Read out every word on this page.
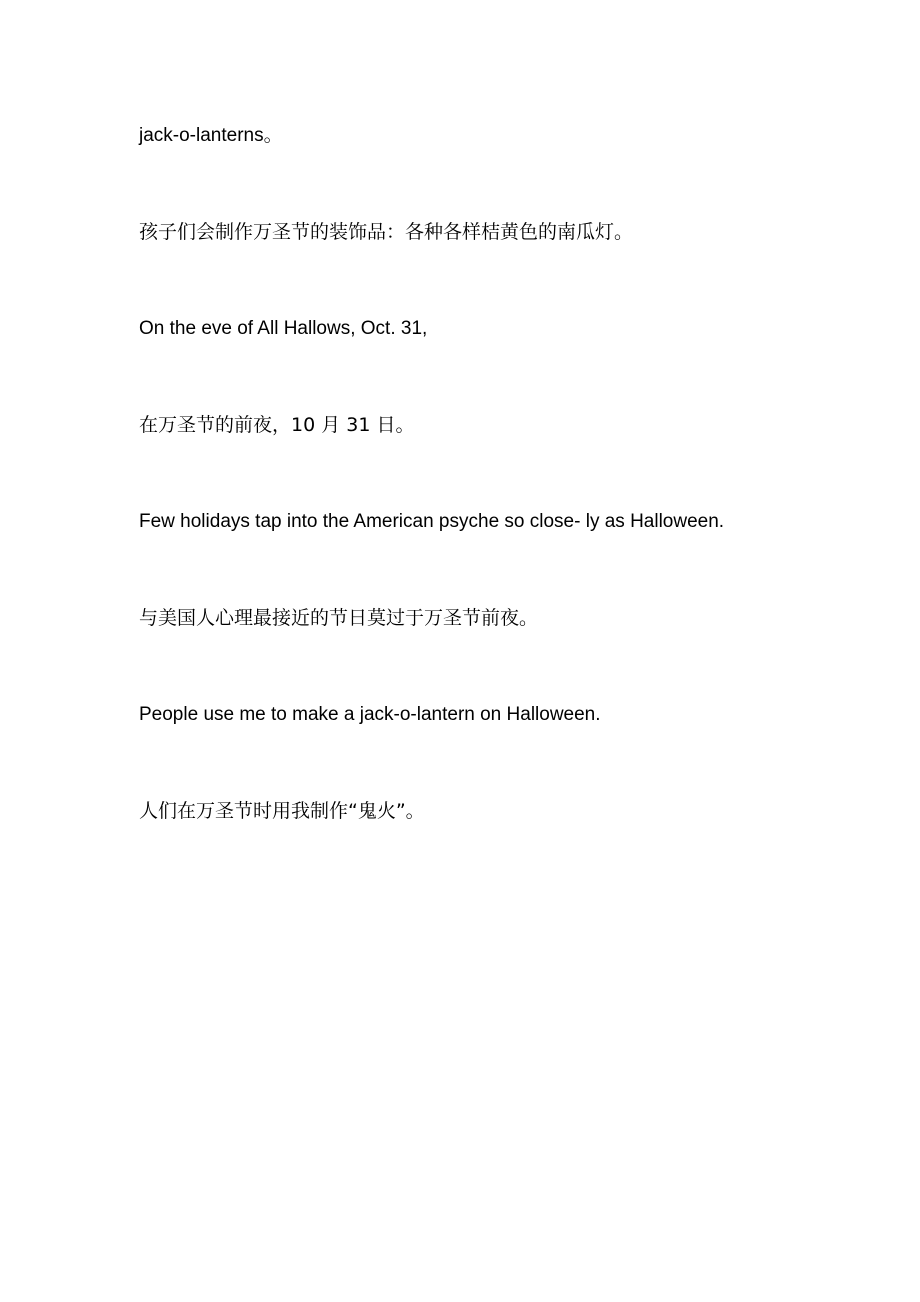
jack-o-lanterns。

孩子们会制作万圣节的装饰品：各种各样桔黄色的南瓜灯。

On the eve of All Hallows, Oct. 31,

在万圣节的前夜，10 月 31 日。

Few holidays tap into the American psyche so close- ly as Halloween.

与美国人心理最接近的节日莫过于万圣节前夜。

People use me to make a jack-o-lantern on Halloween.

人们在万圣节时用我制作“鬼火”。
